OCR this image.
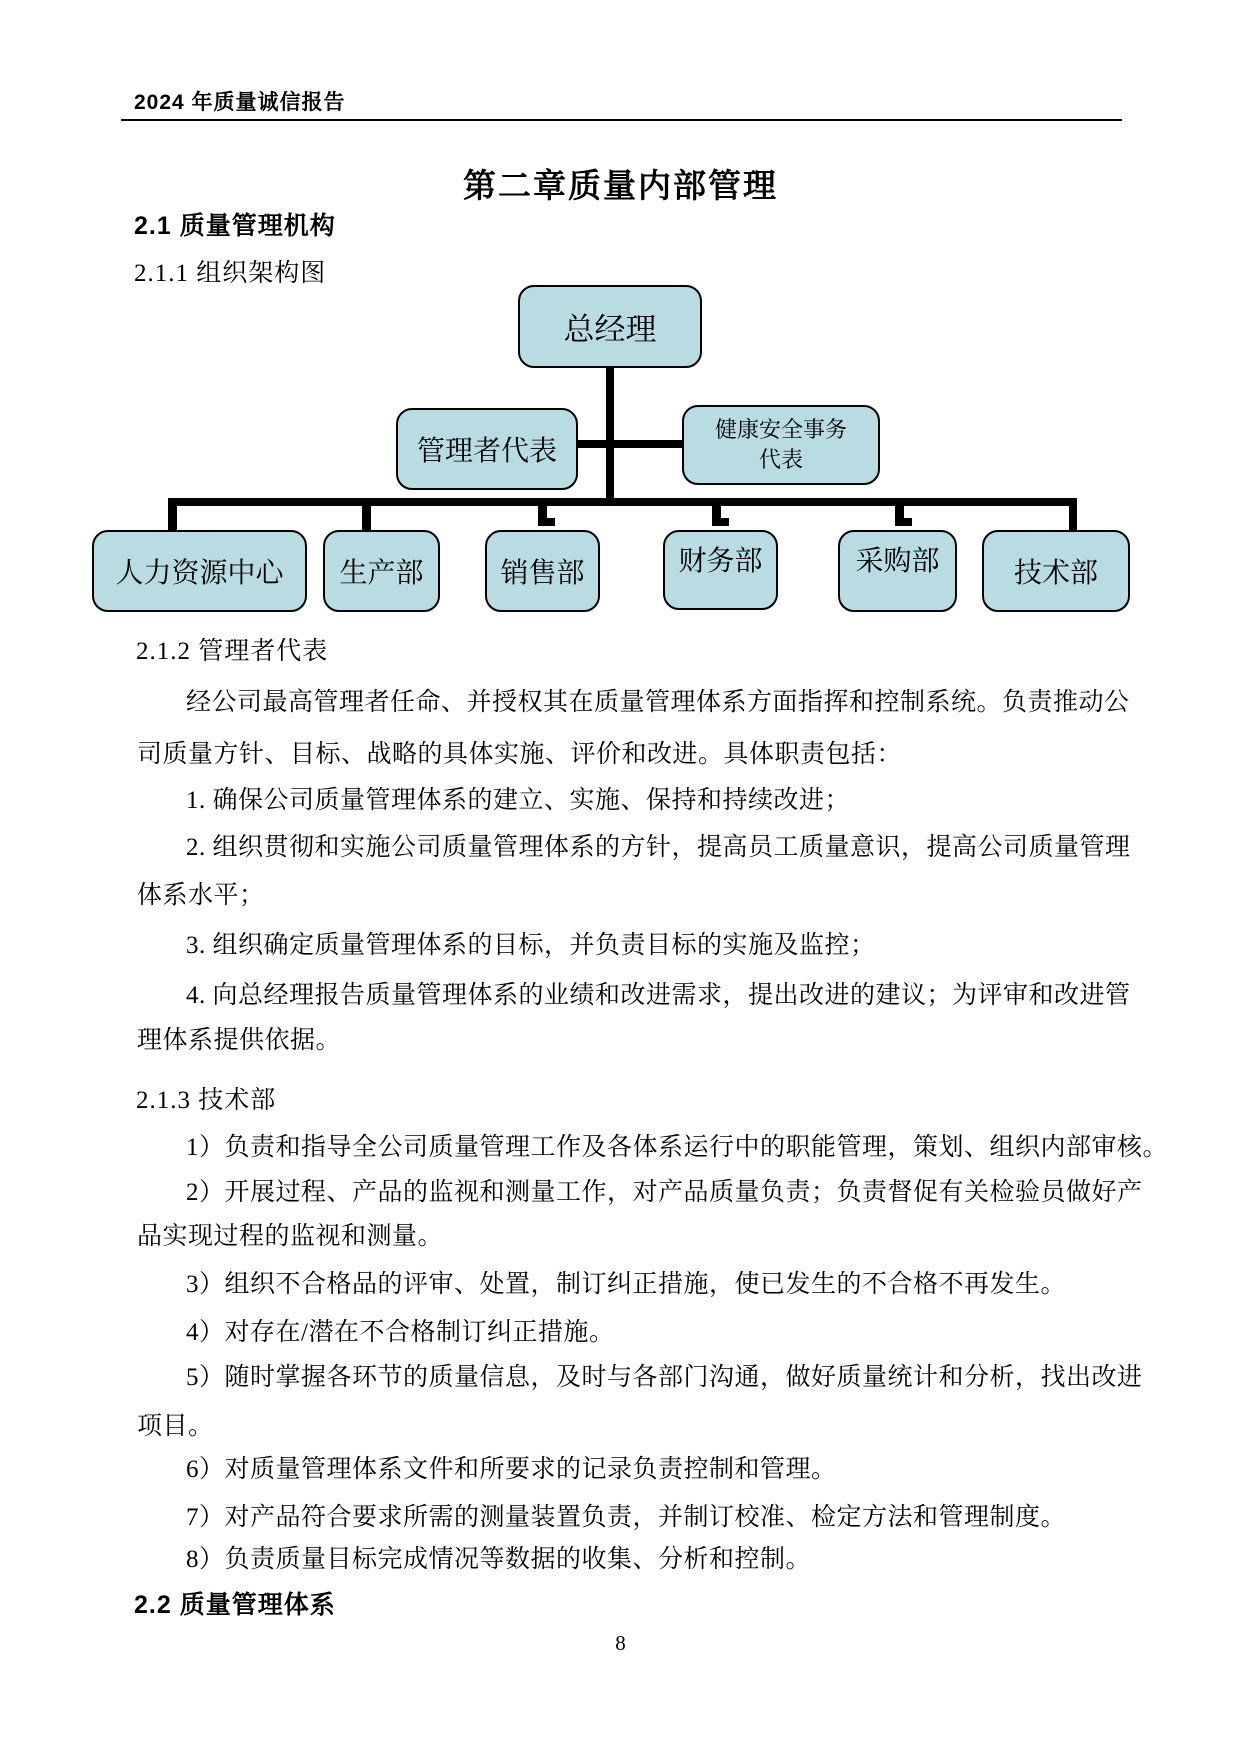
2024 年质量诚信报告
第二章质量内部管理
2.1 质量管理机构
2.1.1 组织架构图
总经理
管理者代表
健康安全事务
代表
人力资源中心 生产部	销售部	财务部	采购部	技术部
2.1.2 管理者代表
经公司最高管理者任命、并授权其在质量管理体系方面指挥和控制系统。负责推动公
司质量方针、目标、战略的具体实施、评价和改进。具体职责包括：
1. 确保公司质量管理体系的建立、实施、保持和持续改进；
2. 组织贯彻和实施公司质量管理体系的方针，提高员工质量意识，提高公司质量管理
体系水平；
3. 组织确定质量管理体系的目标，并负责目标的实施及监控；
4. 向总经理报告质量管理体系的业绩和改进需求，提出改进的建议；为评审和改进管
理体系提供依据。
2.1.3 技术部
1）负责和指导全公司质量管理工作及各体系运行中的职能管理，策划、组织内部审核。
2）开展过程、产品的监视和测量工作，对产品质量负责；负责督促有关检验员做好产
品实现过程的监视和测量。
3）组织不合格品的评审、处置，制订纠正措施，使已发生的不合格不再发生。
4）对存在/潜在不合格制订纠正措施。
5）随时掌握各环节的质量信息，及时与各部门沟通，做好质量统计和分析，找出改进
项目。
6）对质量管理体系文件和所要求的记录负责控制和管理。
7）对产品符合要求所需的测量装置负责，并制订校准、检定方法和管理制度。
8）负责质量目标完成情况等数据的收集、分析和控制。
2.2 质量管理体系
8
